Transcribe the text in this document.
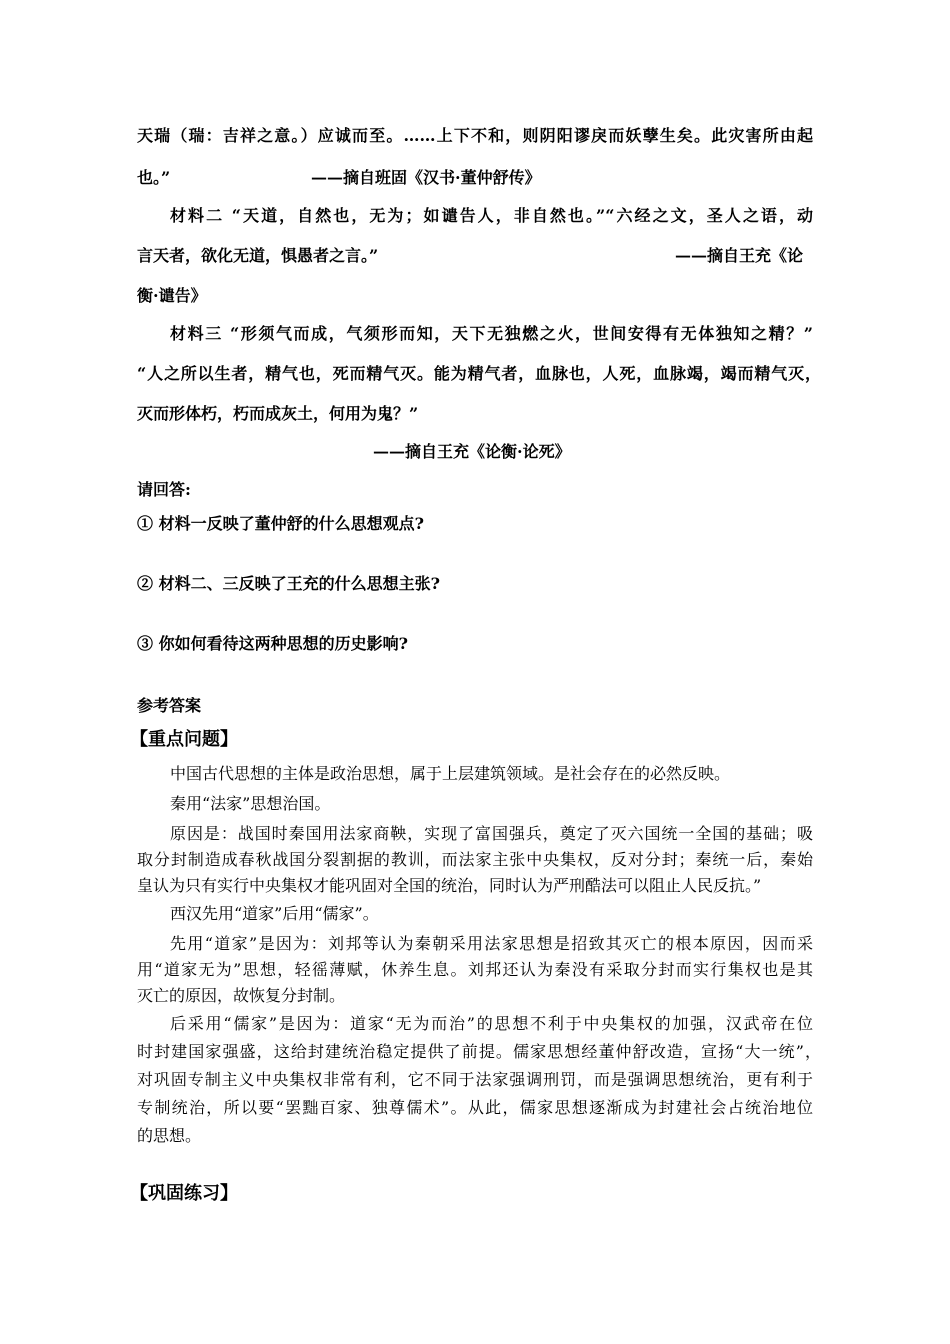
天瑞（瑞：吉祥之意。）应诚而至。……上下不和，则阴阳谬戾而妖孽生矣。此灾害所由起
也。”	——摘自班固《汉书·董仲舒传》
材料二 “天道，自然也，无为；如谴告人，非自然也。”“六经之文，圣人之语，动
言天者，欲化无道，惧愚者之言。”	——摘自王充《论
衡·谴告》
材料三 “形须气而成，气须形而知，天下无独燃之火，世间安得有无体独知之精？”
“人之所以生者，精气也，死而精气灭。能为精气者，血脉也，人死，血脉竭，竭而精气灭，
灭而形体朽，朽而成灰土，何用为鬼？”
——摘自王充《论衡·论死》
请回答:
① 材料一反映了董仲舒的什么思想观点?
② 材料二、三反映了王充的什么思想主张?
③ 你如何看待这两种思想的历史影响?
参考答案
【重点问题】
中国古代思想的主体是政治思想，属于上层建筑领域。是社会存在的必然反映。
秦用“法家”思想治国。
原因是：战国时秦国用法家商鞅，实现了富国强兵，奠定了灭六国统一全国的基础；吸
取分封制造成春秋战国分裂割据的教训，而法家主张中央集权，反对分封；秦统一后，秦始
皇认为只有实行中央集权才能巩固对全国的统治，同时认为严刑酷法可以阻止人民反抗。”
西汉先用“道家”后用“儒家”。
先用“道家”是因为：刘邦等认为秦朝采用法家思想是招致其灭亡的根本原因，因而采
用“道家无为”思想，轻徭薄赋，休养生息。刘邦还认为秦没有采取分封而实行集权也是其
灭亡的原因，故恢复分封制。
后采用“儒家”是因为：道家“无为而治”的思想不利于中央集权的加强，汉武帝在位
时封建国家强盛，这给封建统治稳定提供了前提。儒家思想经董仲舒改造，宣扬“大一统”，
对巩固专制主义中央集权非常有利，它不同于法家强调刑罚，而是强调思想统治，更有利于
专制统治，所以要“罢黜百家、独尊儒术”。从此，儒家思想逐渐成为封建社会占统治地位
的思想。
【巩固练习】
